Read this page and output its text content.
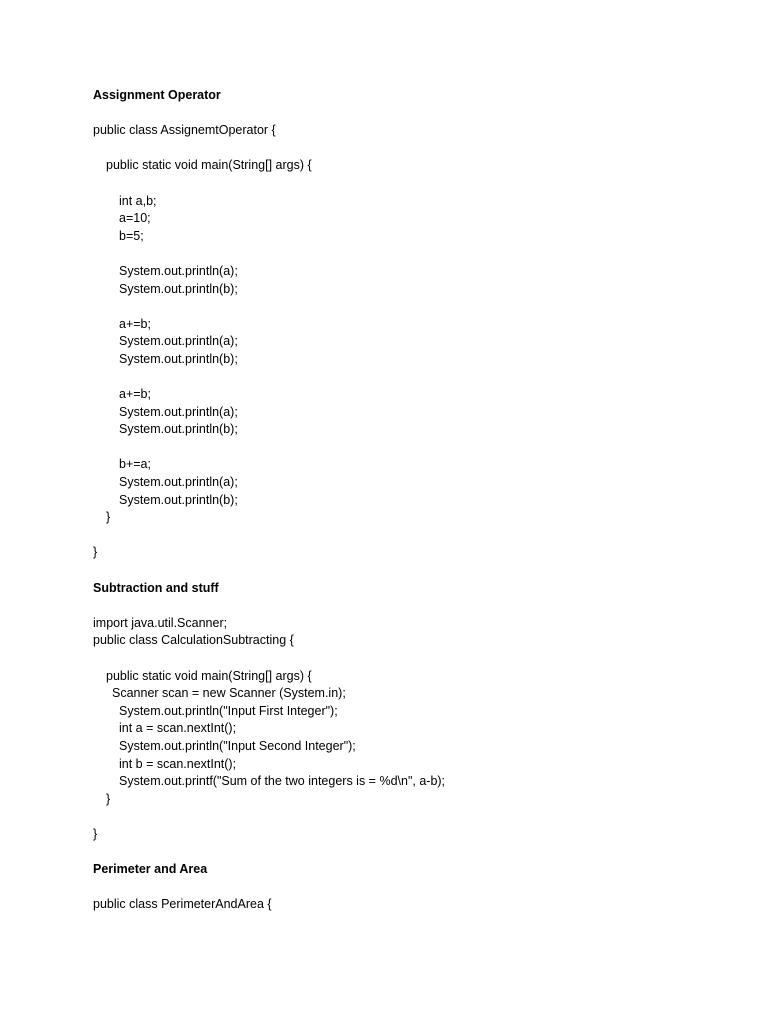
Assignment Operator
public class AssignemtOperator {
public static void main(String[] args) {
int a,b;
a=10;
b=5;
System.out.println(a);
System.out.println(b);
a+=b;
System.out.println(a);
System.out.println(b);
a+=b;
System.out.println(a);
System.out.println(b);
b+=a;
System.out.println(a);
System.out.println(b);
}
}
Subtraction and stuff
import java.util.Scanner;
public class CalculationSubtracting {
public static void main(String[] args) {
Scanner scan = new Scanner (System.in);
System.out.println("Input First Integer");
int a = scan.nextInt();
System.out.println("Input Second Integer");
int b = scan.nextInt();
System.out.printf("Sum of the two integers is = %d\n", a-b);
}
}
Perimeter and Area
public class PerimeterAndArea {
